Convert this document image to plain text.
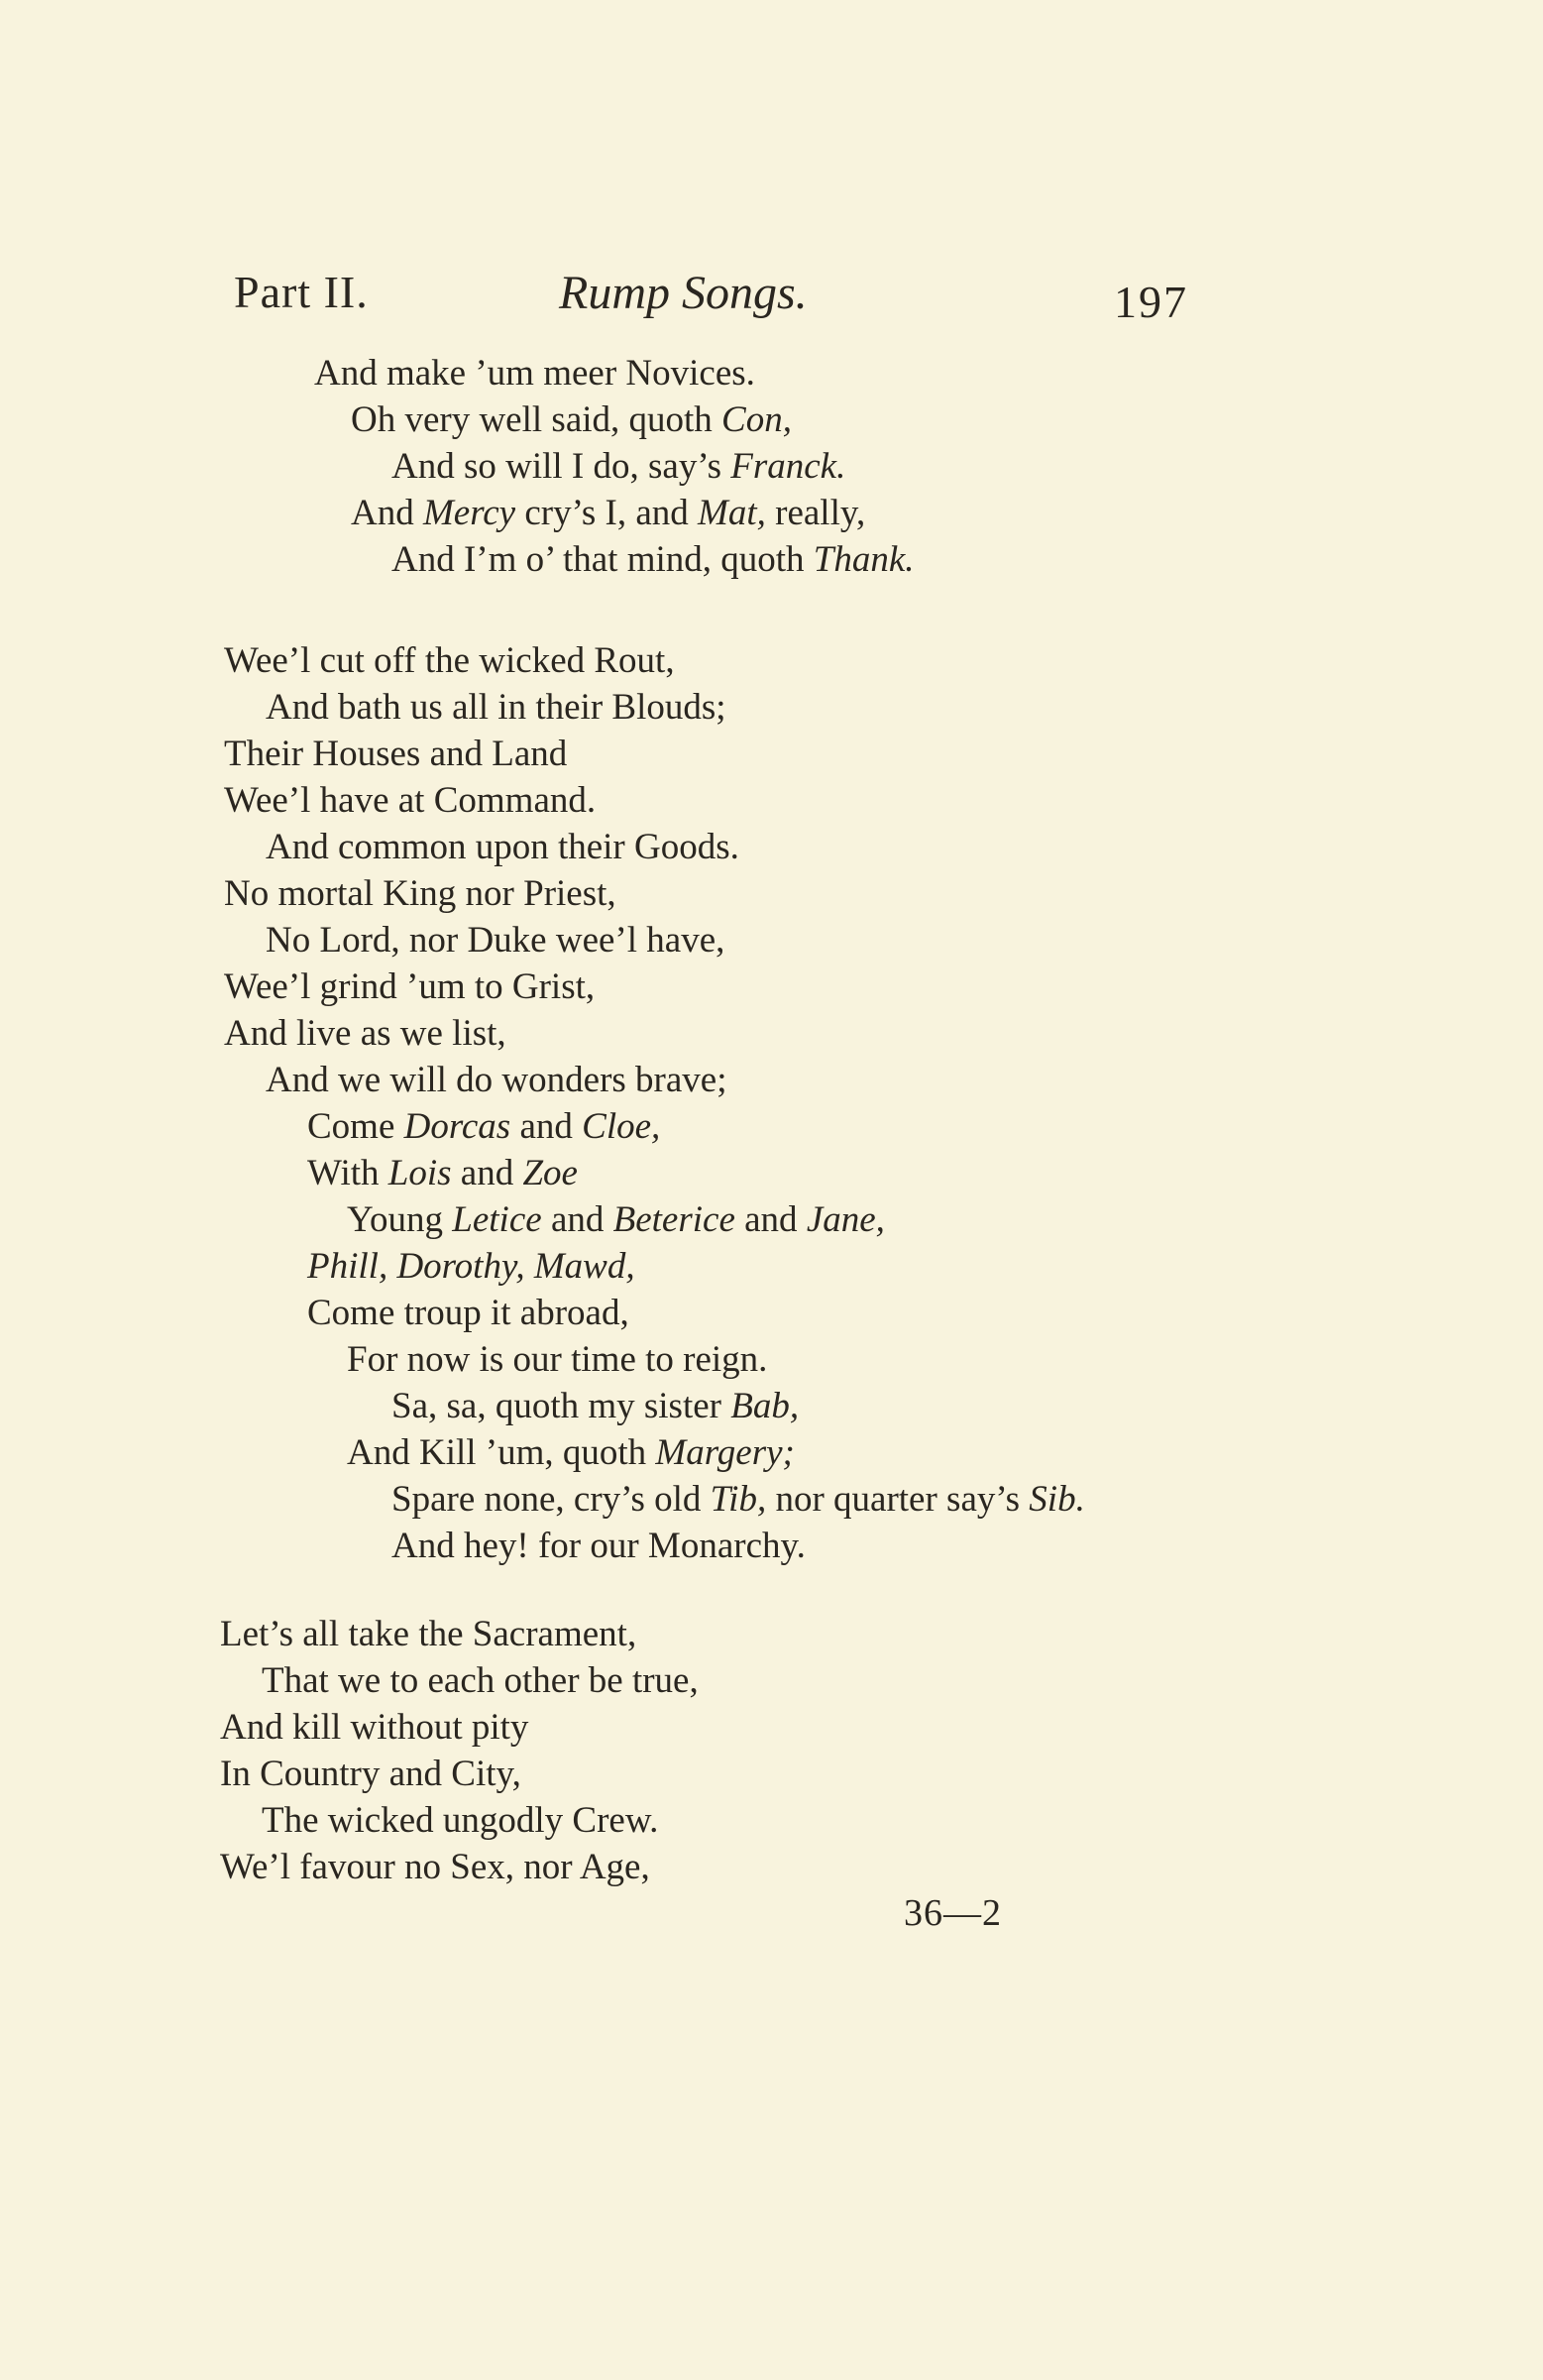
Part II.	Rump Songs.	197
And make ’um meer Novices.
Oh very well said, quoth Con,
And so will I do, say’s Franck.
And Mercy cry’s I, and Mat, really,
And I’m o’ that mind, quoth Thank.
Wee’l cut off the wicked Rout,
And bath us all in their Blouds;
Their Houses and Land
Wee’l have at Command.
And common upon their Goods.
No mortal King nor Priest,
No Lord, nor Duke wee’l have,
Wee’l grind ’um to Grist,
And live as we list,
And we will do wonders brave;
Come Dorcas and Cloe,
With Lois and Zoe
Young Letice and Beterice and Jane,
Phill, Dorothy, Mawd,
Come troup it abroad,
For now is our time to reign.
Sa, sa, quoth my sister Bab,
And Kill ’um, quoth Margery;
Spare none, cry’s old Tib, nor quarter say’s Sib.
And hey! for our Monarchy.
Let’s all take the Sacrament,
That we to each other be true,
And kill without pity
In Country and City,
The wicked ungodly Crew.
We’l favour no Sex, nor Age,
36—2
